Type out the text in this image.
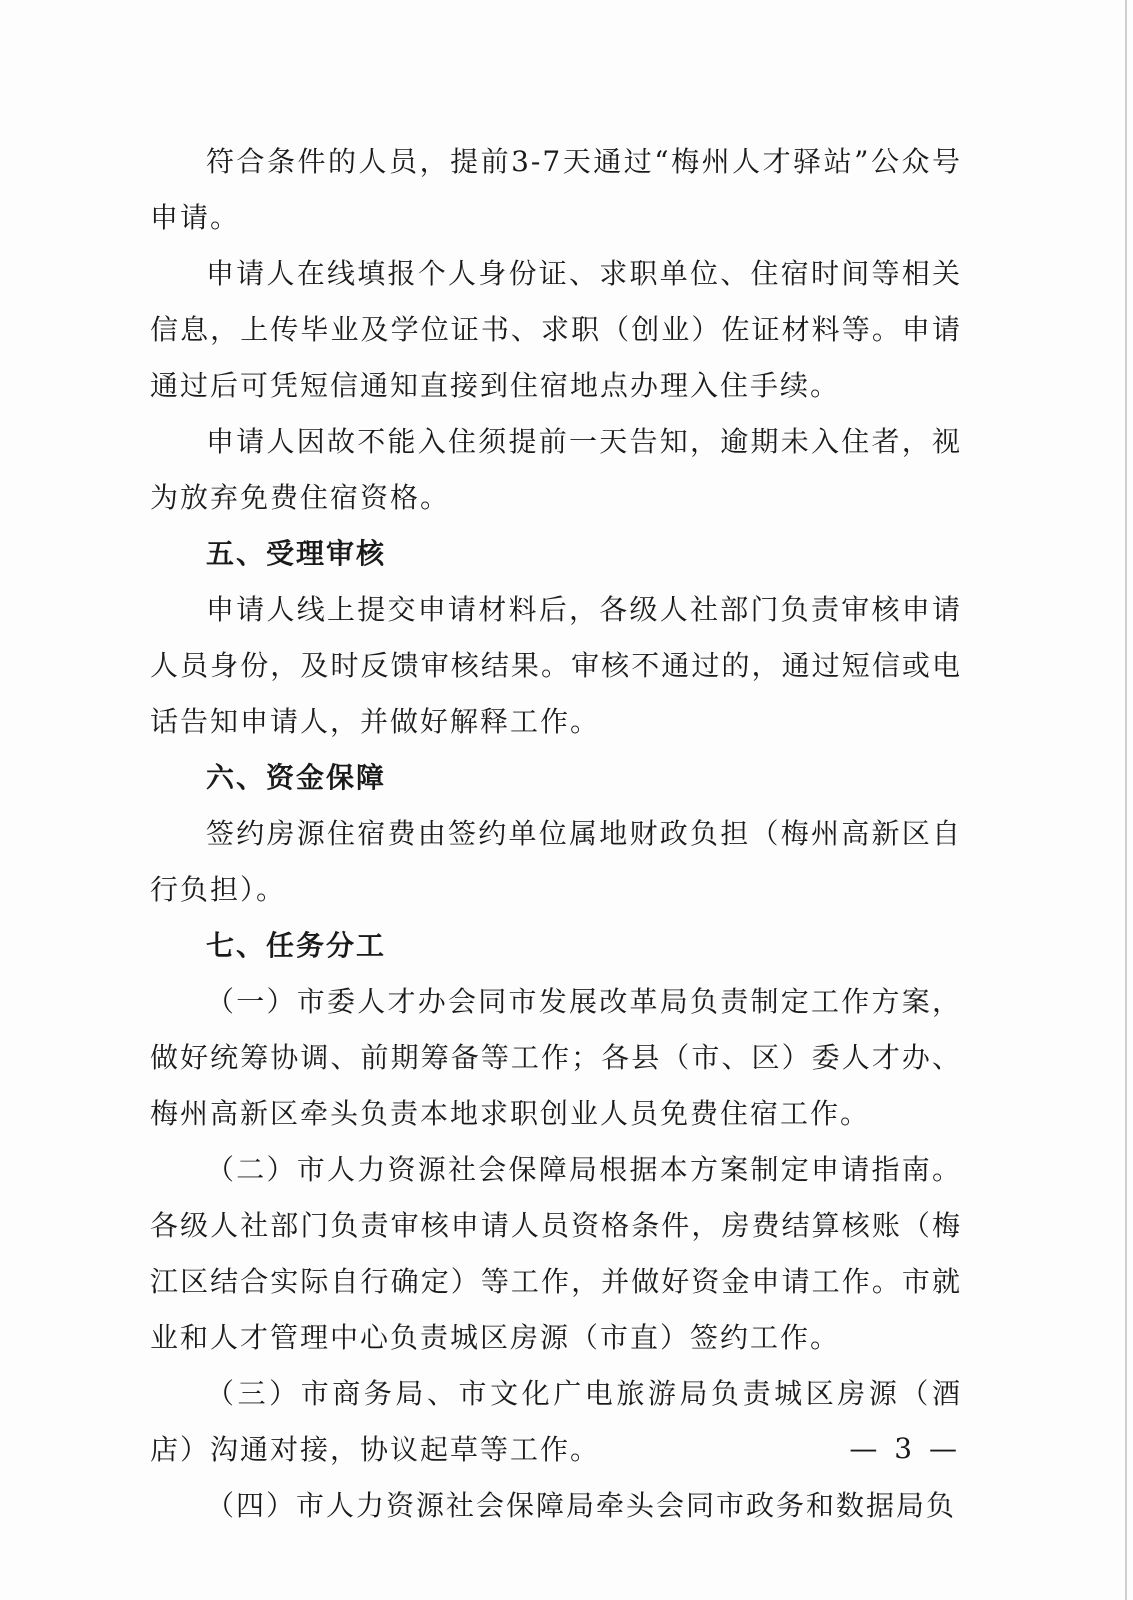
符合条件的人员，提前3-7天通过“梅州人才驿站”公众号申请。

申请人在线填报个人身份证、求职单位、住宿时间等相关信息，上传毕业及学位证书、求职（创业）佐证材料等。申请通过后可凭短信通知直接到住宿地点办理入住手续。

申请人因故不能入住须提前一天告知，逾期未入住者，视为放弃免费住宿资格。

五、受理审核

申请人线上提交申请材料后，各级人社部门负责审核申请人员身份，及时反馈审核结果。审核不通过的，通过短信或电话告知申请人，并做好解释工作。

六、资金保障

签约房源住宿费由签约单位属地财政负担（梅州高新区自行负担）。

七、任务分工

（一）市委人才办会同市发展改革局负责制定工作方案，做好统筹协调、前期筹备等工作；各县（市、区）委人才办、梅州高新区牵头负责本地求职创业人员免费住宿工作。

（二）市人力资源社会保障局根据本方案制定申请指南。各级人社部门负责审核申请人员资格条件，房费结算核账（梅江区结合实际自行确定）等工作，并做好资金申请工作。市就业和人才管理中心负责城区房源（市直）签约工作。

（三）市商务局、市文化广电旅游局负责城区房源（酒店）沟通对接，协议起草等工作。

（四）市人力资源社会保障局牵头会同市政务和数据局负

— 3 —
